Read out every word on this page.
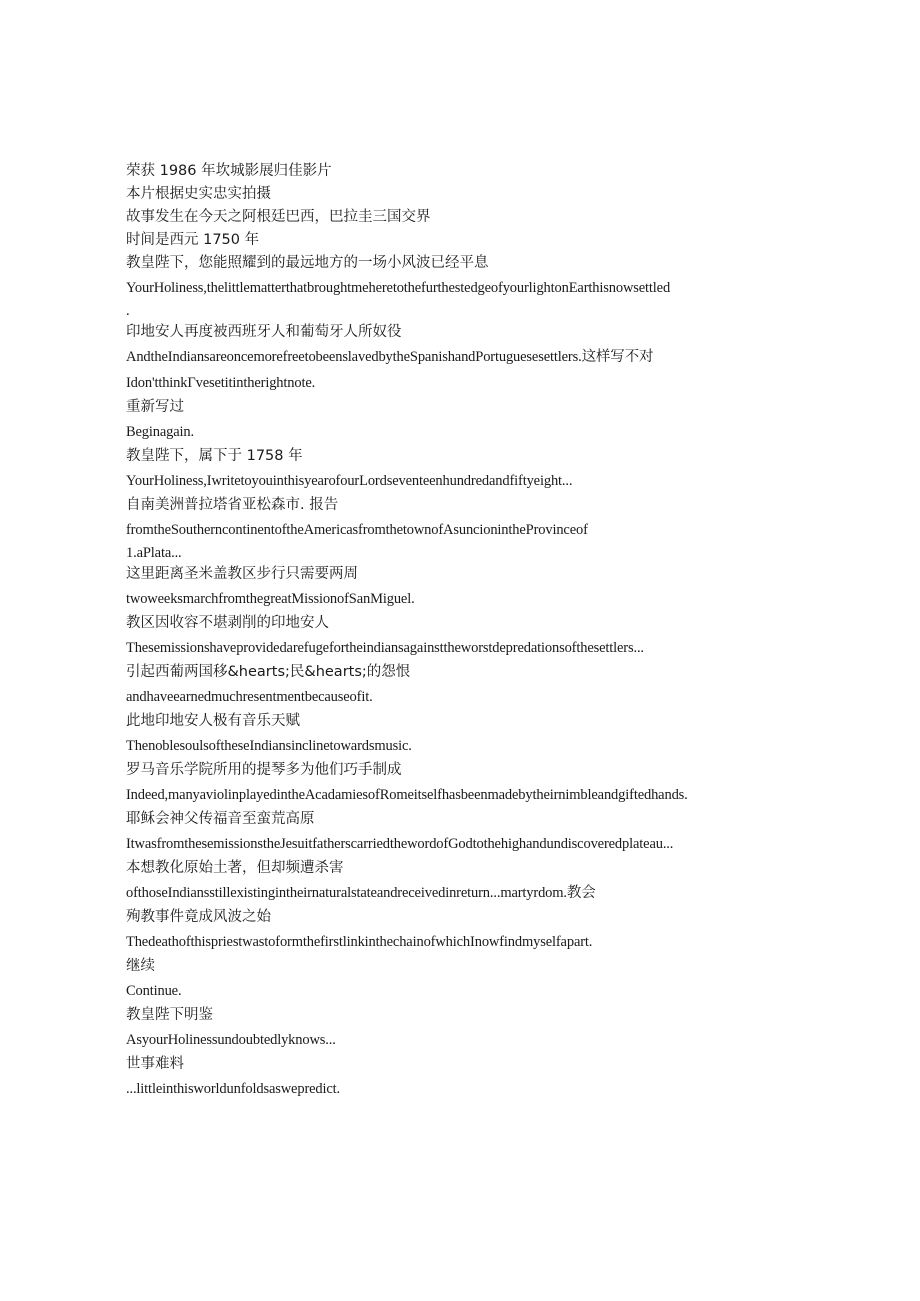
荣获 1986 年坎城影展归佳影片
本片根据史实忠实拍摄
故事发生在今天之阿根廷巴西，巴拉圭三国交界
时间是西元 1750 年
教皇陛下，您能照耀到的最远地方的一场小风波已经平息
YourHoliness,thelittlematterthatbroughtmeheretothefurthestedgeofyourlightonEarthisnowsettled
.
印地安人再度被西班牙人和葡萄牙人所奴役
AndtheIndiansareoncemorefreetobeenslavedbytheSpanishandPortuguesesettlers.这样写不对
Idon'tthinkΓvesetitintherightnote.
重新写过
Beginagain.
教皇陛下，属下于 1758 年
YourHoliness,IwritetoyouinthisyearofourLordseventeenhundredandfiftyeight...
自南美洲普拉塔省亚松森市. 报告
fromtheSoutherncontinentoftheAmericasfromthetownofAsuncionintheProvinceof
1.aPlata...
这里距离圣米盖教区步行只需要两周
twoweeksmarchfromthegreatMissionofSanMiguel.
教区因收容不堪剥削的印地安人
Thesemissionshaveprovidedarefugefortheindiansagainsttheworstdepredationsofthesettlers...
引起西葡两国移&hearts;民&hearts;的怨恨
andhaveearnedmuchresentmentbecauseofit.
此地印地安人极有音乐天赋
ThenoblesoulsoftheseIndiansinclinetowardsmusic.
罗马音乐学院所用的提琴多为他们巧手制成
Indeed,manyaviolinplayedintheAcadamiesofRomeitselfhasbeenmadebytheirnimbleandgiftedhands.
耶稣会神父传福音至蛮荒高原
ItwasfromthesemissionstheJesuitfatherscarriedthewordofGodtothehighandundiscoveredplateau...
本想教化原始土著，但却频遭杀害
ofthoseIndiansstillexistingintheirnaturalstateandreceivedinreturn...martyrdom.教会
殉教事件竟成风波之始
ThedeathofthispriestwastoformthefirstlinkinthechainofwhichInowfindmyselfapart.
继续
Continue.
教皇陛下明鉴
AsyourHolinessundoubtedlyknows...
世事难料
...littleinthisworldunfoldsaswepredict.
